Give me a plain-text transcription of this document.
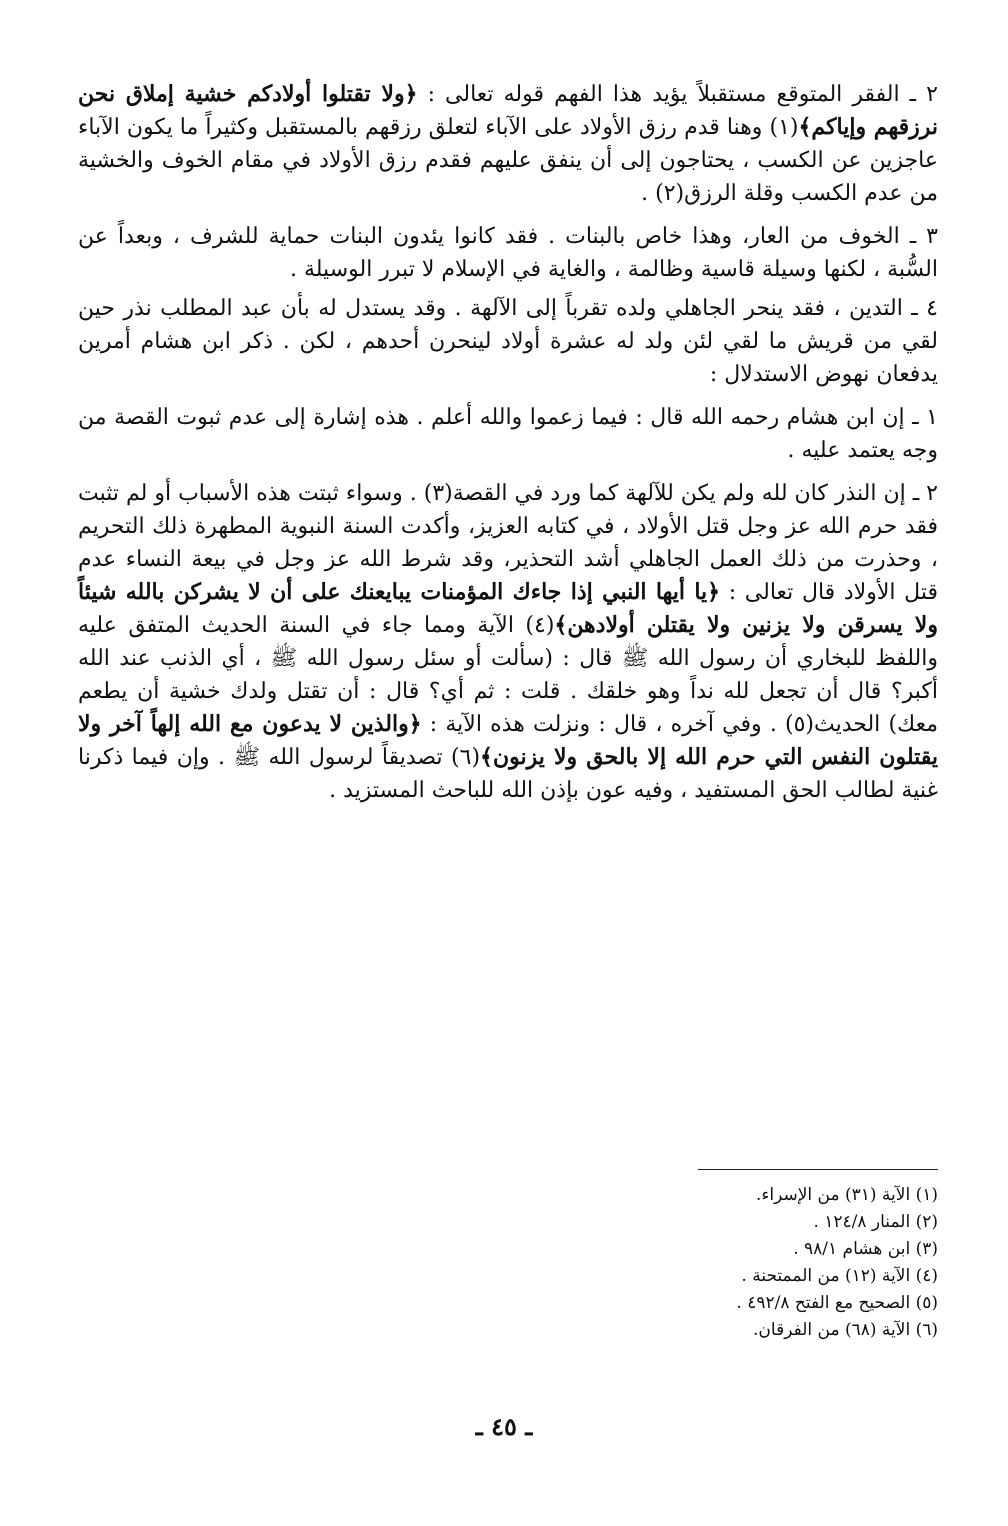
٢ ـ الفقر المتوقع مستقبلاً يؤيد هذا الفهم قوله تعالى : ﴿ولا تقتلوا أولادكم خشية إملاق نحن نرزقهم وإياكم﴾(١) وهنا قدم رزق الأولاد على الآباء لتعلق رزقهم بالمستقبل وكثيراً ما يكون الآباء عاجزين عن الكسب ، يحتاجون إلى أن ينفق عليهم فقدم رزق الأولاد في مقام الخوف والخشية من عدم الكسب وقلة الرزق(٢) .

٣ ـ الخوف من العار، وهذا خاص بالبنات . فقد كانوا يئدون البنات حماية للشرف ، وبعداً عن السُّبة ، لكنها وسيلة قاسية وظالمة ، والغاية في الإسلام لا تبرر الوسيلة .

٤ ـ التدين ، فقد ينحر الجاهلي ولده تقرباً إلى الآلهة . وقد يستدل له بأن عبد المطلب نذر حين لقي من قريش ما لقي لئن ولد له عشرة أولاد لينحرن أحدهم ، لكن . ذكر ابن هشام أمرين يدفعان نهوض الاستدلال :

١ ـ إن ابن هشام رحمه الله قال : فيما زعموا والله أعلم . هذه إشارة إلى عدم ثبوت القصة من وجه يعتمد عليه .

٢ ـ إن النذر كان لله ولم يكن للآلهة كما ورد في القصة(٣) . وسواء ثبتت هذه الأسباب أو لم تثبت فقد حرم الله عز وجل قتل الأولاد ، في كتابه العزيز، وأكدت السنة النبوية المطهرة ذلك التحريم ، وحذرت من ذلك العمل الجاهلي أشد التحذير، وقد شرط الله عز وجل في بيعة النساء عدم قتل الأولاد قال تعالى : ﴿يا أيها النبي إذا جاءك المؤمنات يبايعنك على أن لا يشركن بالله شيئاً ولا يسرقن ولا يزنين ولا يقتلن أولادهن﴾(٤) الآية ومما جاء في السنة الحديث المتفق عليه واللفظ للبخاري أن رسول الله ﷺ قال : (سألت أو سئل رسول الله ﷺ ، أي الذنب عند الله أكبر؟ قال أن تجعل لله نداً وهو خلقك . قلت : ثم أي؟ قال : أن تقتل ولدك خشية أن يطعم معك) الحديث(٥) . وفي آخره ، قال : ونزلت هذه الآية : ﴿والذين لا يدعون مع الله إلهاً آخر ولا يقتلون النفس التي حرم الله إلا بالحق ولا يزنون﴾(٦) تصديقاً لرسول الله ﷺ . وإن فيما ذكرنا غنية لطالب الحق المستفيد ، وفيه عون بإذن الله للباحث المستزيد .

(١) الآية (٣١) من الإسراء.

(٢) المنار ١٢٤/٨ .

(٣) ابن هشام ٩٨/١ .

(٤) الآية (١٢) من الممتحنة .

(٥) الصحيح مع الفتح ٤٩٢/٨ .

(٦) الآية (٦٨) من الفرقان.

ـ ٤٥ ـ
